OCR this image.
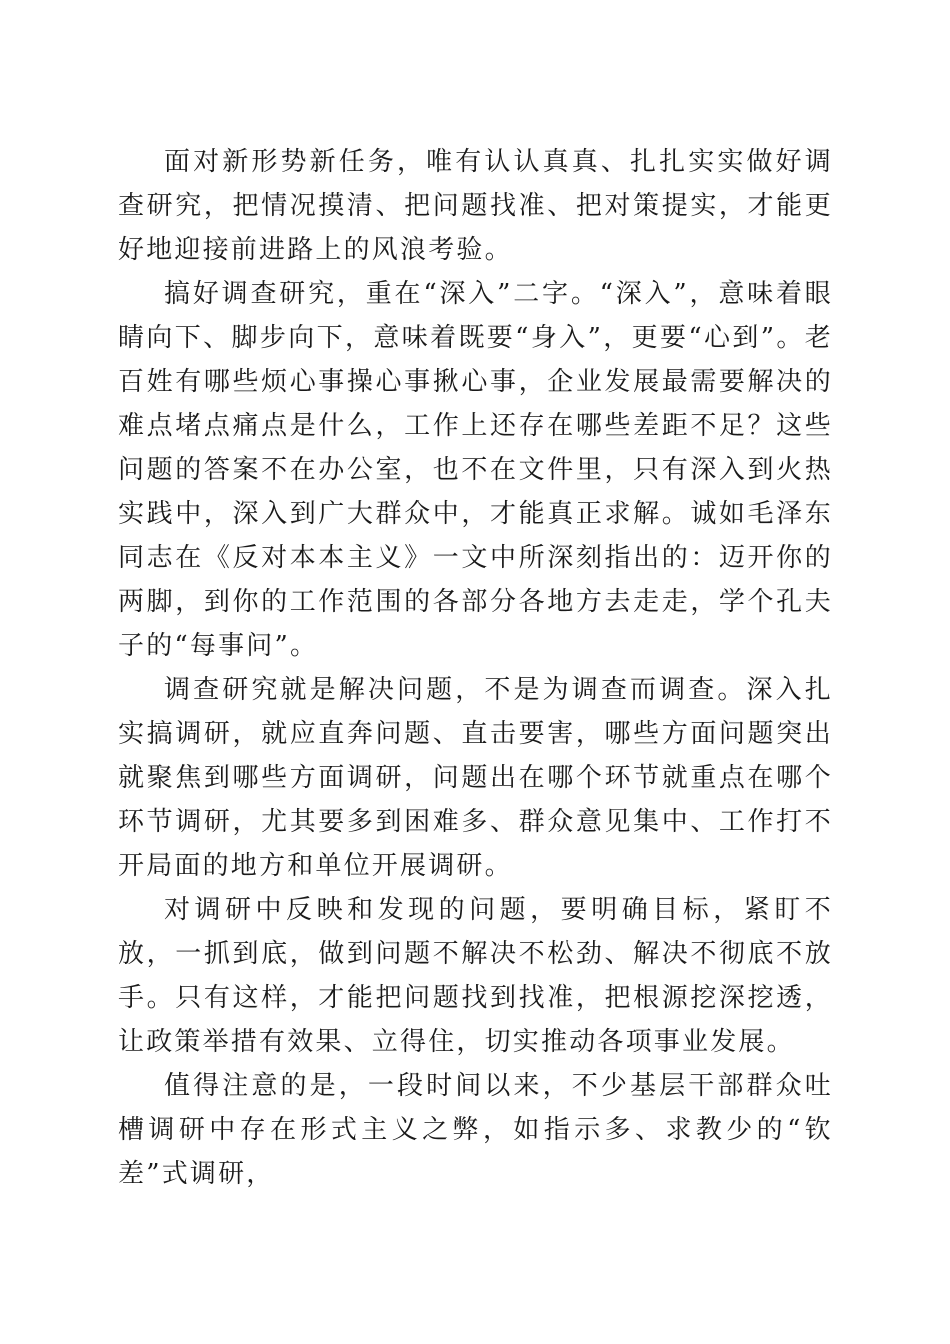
面对新形势新任务，唯有认认真真、扎扎实实做好调查研究，把情况摸清、把问题找准、把对策提实，才能更好地迎接前进路上的风浪考验。

搞好调查研究，重在“深入”二字。“深入”，意味着眼睛向下、脚步向下，意味着既要“身入”，更要“心到”。老百姓有哪些烦心事操心事揪心事，企业发展最需要解决的难点堵点痛点是什么，工作上还存在哪些差距不足？这些问题的答案不在办公室，也不在文件里，只有深入到火热实践中，深入到广大群众中，才能真正求解。诚如毛泽东同志在《反对本本主义》一文中所深刻指出的：迈开你的两脚，到你的工作范围的各部分各地方去走走，学个孔夫子的“每事问”。

调查研究就是解决问题，不是为调查而调查。深入扎实搞调研，就应直奔问题、直击要害，哪些方面问题突出就聚焦到哪些方面调研，问题出在哪个环节就重点在哪个环节调研，尤其要多到困难多、群众意见集中、工作打不开局面的地方和单位开展调研。

对调研中反映和发现的问题，要明确目标，紧盯不放，一抓到底，做到问题不解决不松劲、解决不彻底不放手。只有这样，才能把问题找到找准，把根源挖深挖透，让政策举措有效果、立得住，切实推动各项事业发展。

值得注意的是，一段时间以来，不少基层干部群众吐槽调研中存在形式主义之弊，如指示多、求教少的“钦差”式调研，
